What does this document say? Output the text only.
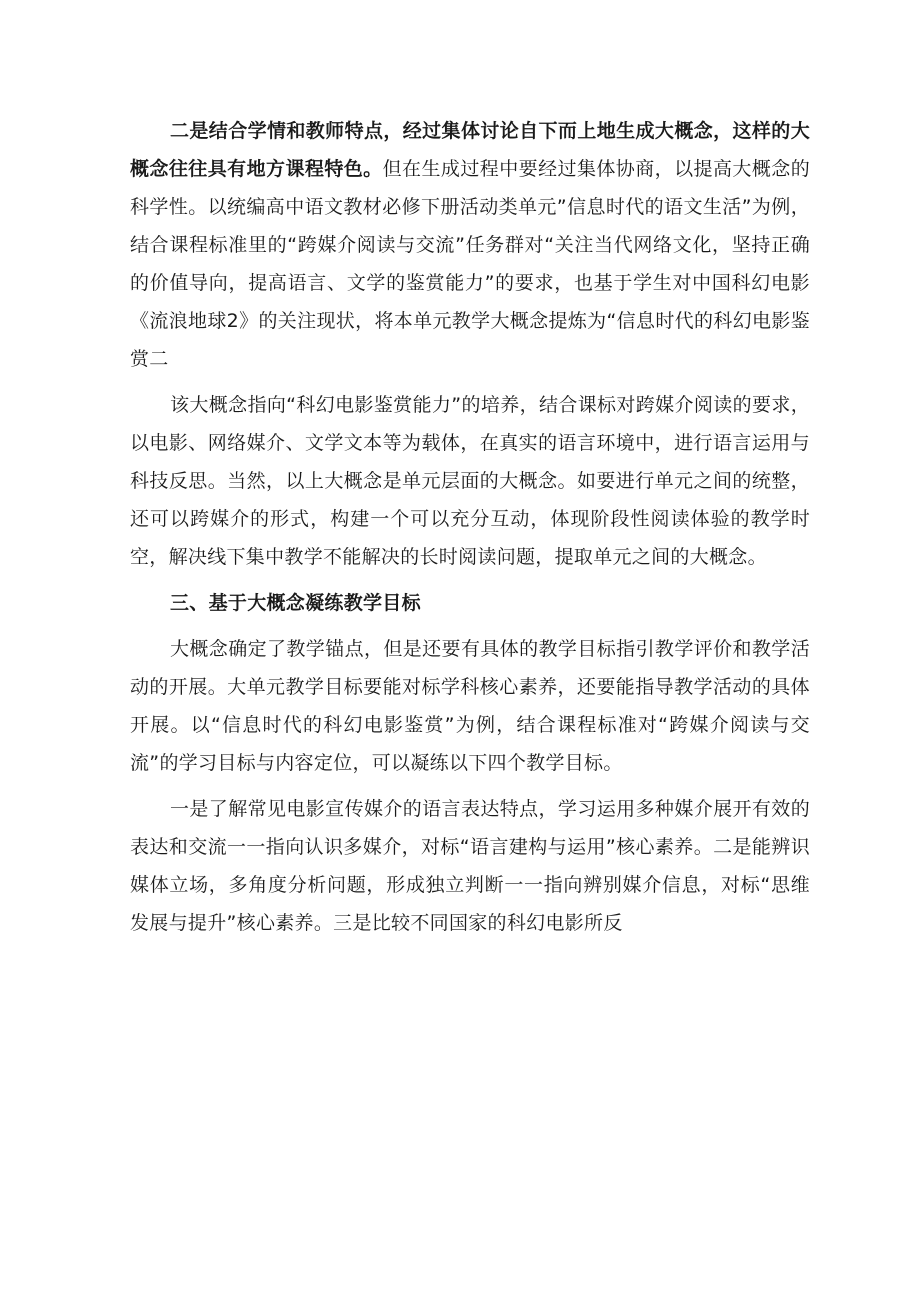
二是结合学情和教师特点，经过集体讨论自下而上地生成大概念，这样的大概念往往具有地方课程特色。但在生成过程中要经过集体协商，以提高大概念的科学性。以统编高中语文教材必修下册活动类单元”信息时代的语文生活”为例，结合课程标准里的“跨媒介阅读与交流”任务群对“关注当代网络文化，坚持正确的价值导向，提高语言、文学的鉴赏能力”的要求，也基于学生对中国科幻电影《流浪地球2》的关注现状，将本单元教学大概念提炼为“信息时代的科幻电影鉴赏二

该大概念指向“科幻电影鉴赏能力”的培养，结合课标对跨媒介阅读的要求，以电影、网络媒介、文学文本等为载体，在真实的语言环境中，进行语言运用与科技反思。当然，以上大概念是单元层面的大概念。如要进行单元之间的统整，还可以跨媒介的形式，构建一个可以充分互动，体现阶段性阅读体验的教学时空，解决线下集中教学不能解决的长时阅读问题，提取单元之间的大概念。

三、基于大概念凝练教学目标

大概念确定了教学锚点，但是还要有具体的教学目标指引教学评价和教学活动的开展。大单元教学目标要能对标学科核心素养，还要能指导教学活动的具体开展。以“信息时代的科幻电影鉴赏”为例，结合课程标准对“跨媒介阅读与交流”的学习目标与内容定位，可以凝练以下四个教学目标。

一是了解常见电影宣传媒介的语言表达特点，学习运用多种媒介展开有效的表达和交流一一指向认识多媒介，对标“语言建构与运用”核心素养。二是能辨识媒体立场，多角度分析问题，形成独立判断一一指向辨别媒介信息，对标“思维发展与提升”核心素养。三是比较不同国家的科幻电影所反
